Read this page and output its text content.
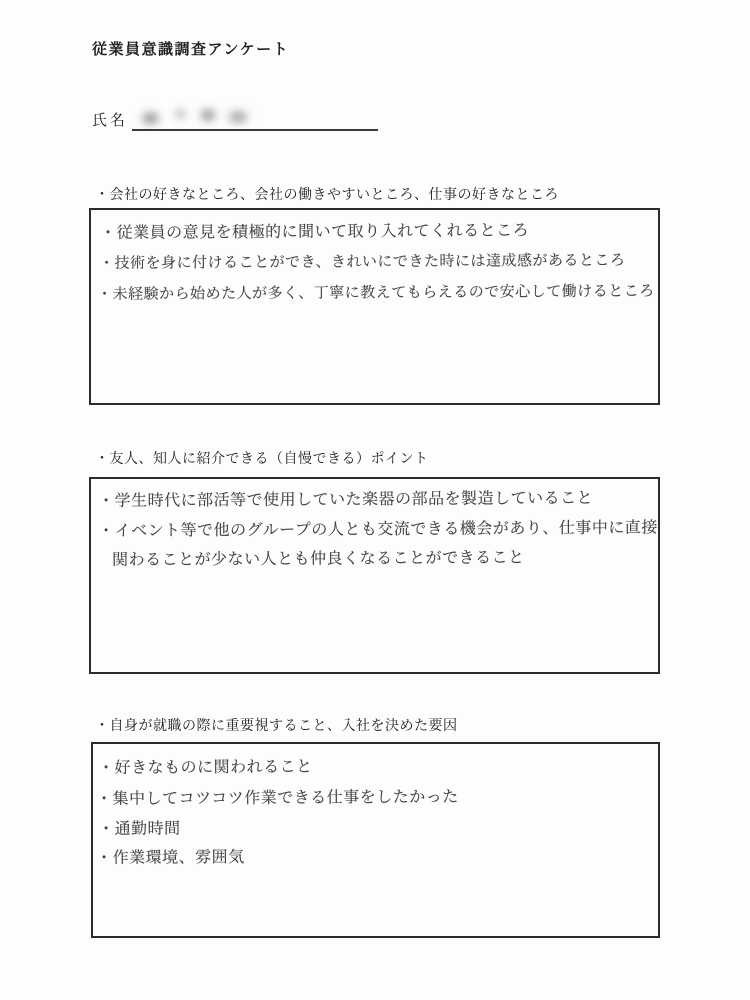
従業員意識調査アンケート
氏名
・会社の好きなところ、会社の働きやすいところ、仕事の好きなところ
・従業員の意見を積極的に聞いて取り入れてくれるところ
・技術を身に付けることができ、きれいにできた時には達成感があるところ
・未経験から始めた人が多く、丁寧に教えてもらえるので安心して働けるところ
・友人、知人に紹介できる（自慢できる）ポイント
・学生時代に部活等で使用していた楽器の部品を製造していること
・イベント等で他のグループの人とも交流できる機会があり、仕事中に直接
関わることが少ない人とも仲良くなることができること
・自身が就職の際に重要視すること、入社を決めた要因
・好きなものに関われること
・集中してコツコツ作業できる仕事をしたかった
・通勤時間
・作業環境、雰囲気
